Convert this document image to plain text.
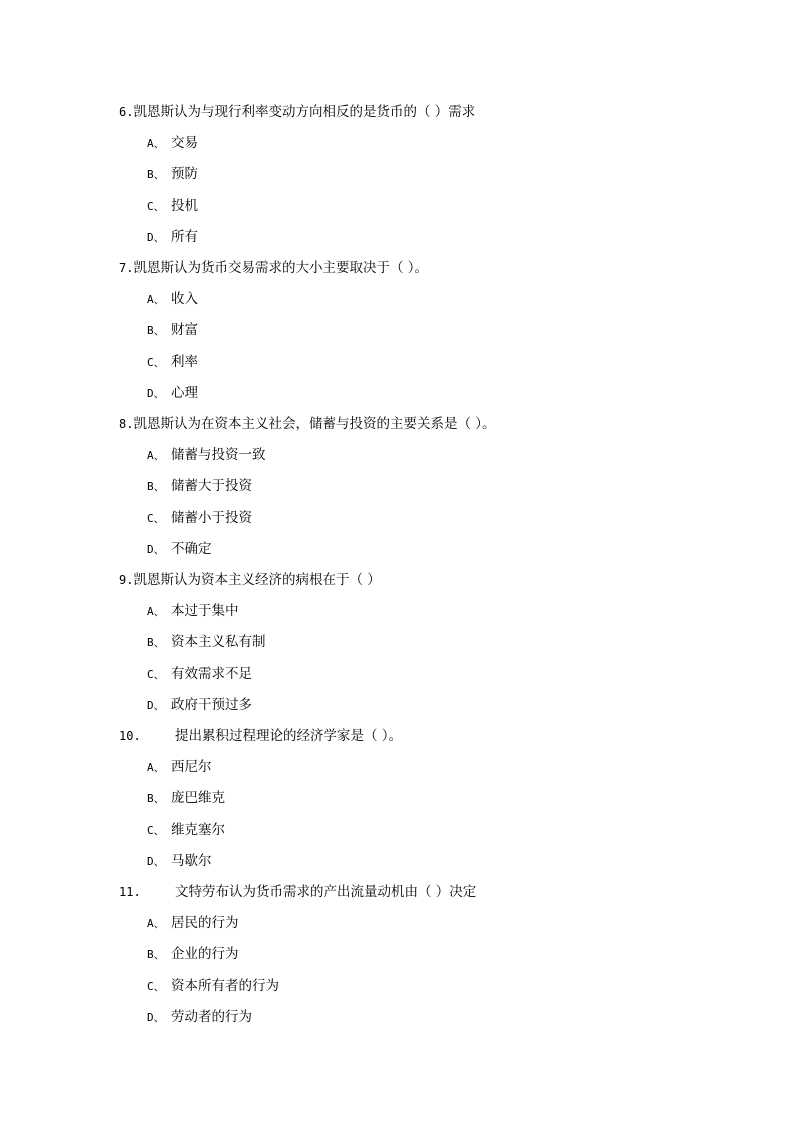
6.凯恩斯认为与现行利率变动方向相反的是货币的（ ）需求
A、 交易
B、 预防
C、 投机
D、 所有
7.凯恩斯认为货币交易需求的大小主要取决于（ ）。
A、 收入
B、 财富
C、 利率
D、 心理
8.凯恩斯认为在资本主义社会，储蓄与投资的主要关系是（ ）。
A、 储蓄与投资一致
B、 储蓄大于投资
C、 储蓄小于投资
D、 不确定
9.凯恩斯认为资本主义经济的病根在于（ ）
A、 本过于集中
B、 资本主义私有制
C、 有效需求不足
D、 政府干预过多
10.	提出累积过程理论的经济学家是（ ）。
A、 西尼尔
B、 庞巴维克
C、 维克塞尔
D、 马歇尔
11.	文特劳布认为货币需求的产出流量动机由（ ）决定
A、 居民的行为
B、 企业的行为
C、 资本所有者的行为
D、 劳动者的行为
